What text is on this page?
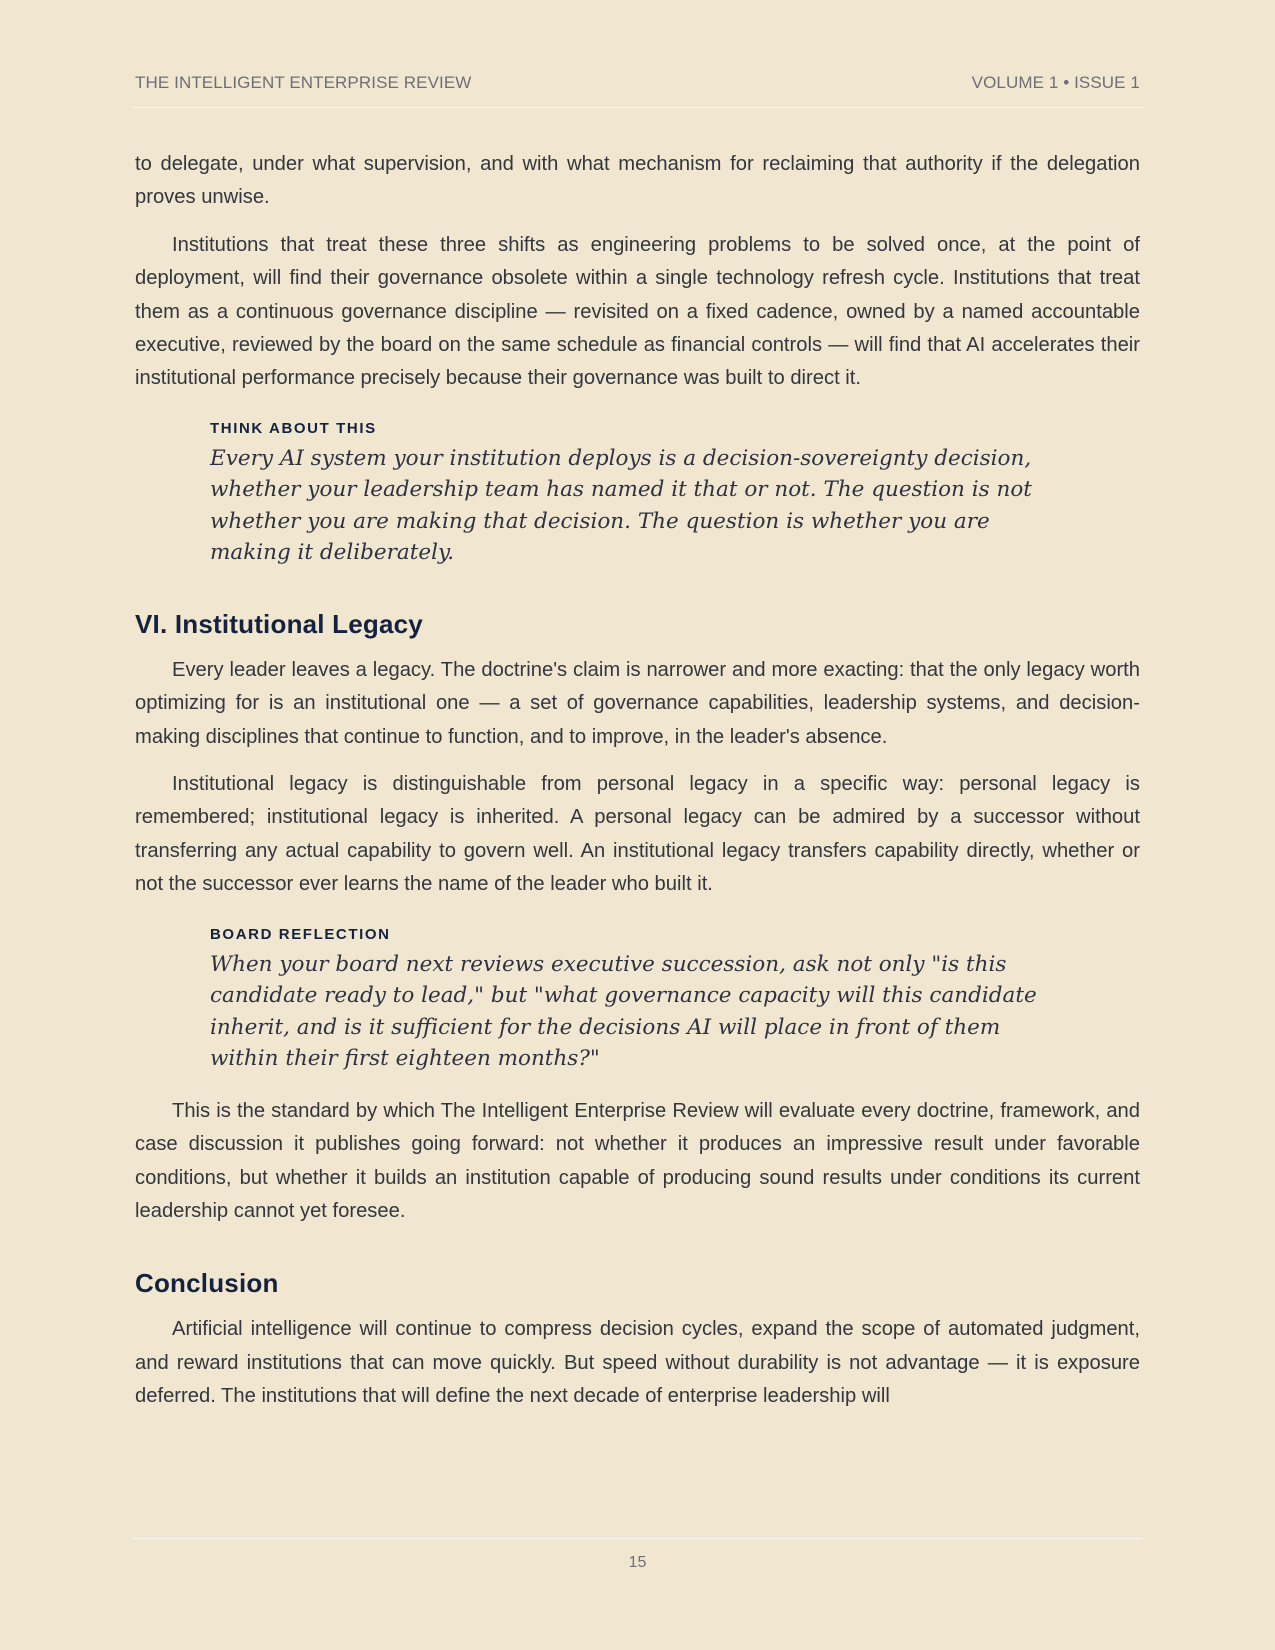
THE INTELLIGENT ENTERPRISE REVIEW	VOLUME 1 • ISSUE 1

to delegate, under what supervision, and with what mechanism for reclaiming that authority if the delegation proves unwise.

Institutions that treat these three shifts as engineering problems to be solved once, at the point of deployment, will find their governance obsolete within a single technology refresh cycle. Institutions that treat them as a continuous governance discipline — revisited on a fixed cadence, owned by a named accountable executive, reviewed by the board on the same schedule as financial controls — will find that AI accelerates their institutional performance precisely because their governance was built to direct it.

THINK ABOUT THIS
Every AI system your institution deploys is a decision-sovereignty decision, whether your leadership team has named it that or not. The question is not whether you are making that decision. The question is whether you are making it deliberately.
VI. Institutional Legacy

Every leader leaves a legacy. The doctrine's claim is narrower and more exacting: that the only legacy worth optimizing for is an institutional one — a set of governance capabilities, leadership systems, and decision-making disciplines that continue to function, and to improve, in the leader's absence.

Institutional legacy is distinguishable from personal legacy in a specific way: personal legacy is remembered; institutional legacy is inherited. A personal legacy can be admired by a successor without transferring any actual capability to govern well. An institutional legacy transfers capability directly, whether or not the successor ever learns the name of the leader who built it.

BOARD REFLECTION
When your board next reviews executive succession, ask not only "is this candidate ready to lead," but "what governance capacity will this candidate inherit, and is it sufficient for the decisions AI will place in front of them within their first eighteen months?"

This is the standard by which The Intelligent Enterprise Review will evaluate every doctrine, framework, and case discussion it publishes going forward: not whether it produces an impressive result under favorable conditions, but whether it builds an institution capable of producing sound results under conditions its current leadership cannot yet foresee.

Conclusion

Artificial intelligence will continue to compress decision cycles, expand the scope of automated judgment, and reward institutions that can move quickly. But speed without durability is not advantage — it is exposure deferred. The institutions that will define the next decade of enterprise leadership will

15
